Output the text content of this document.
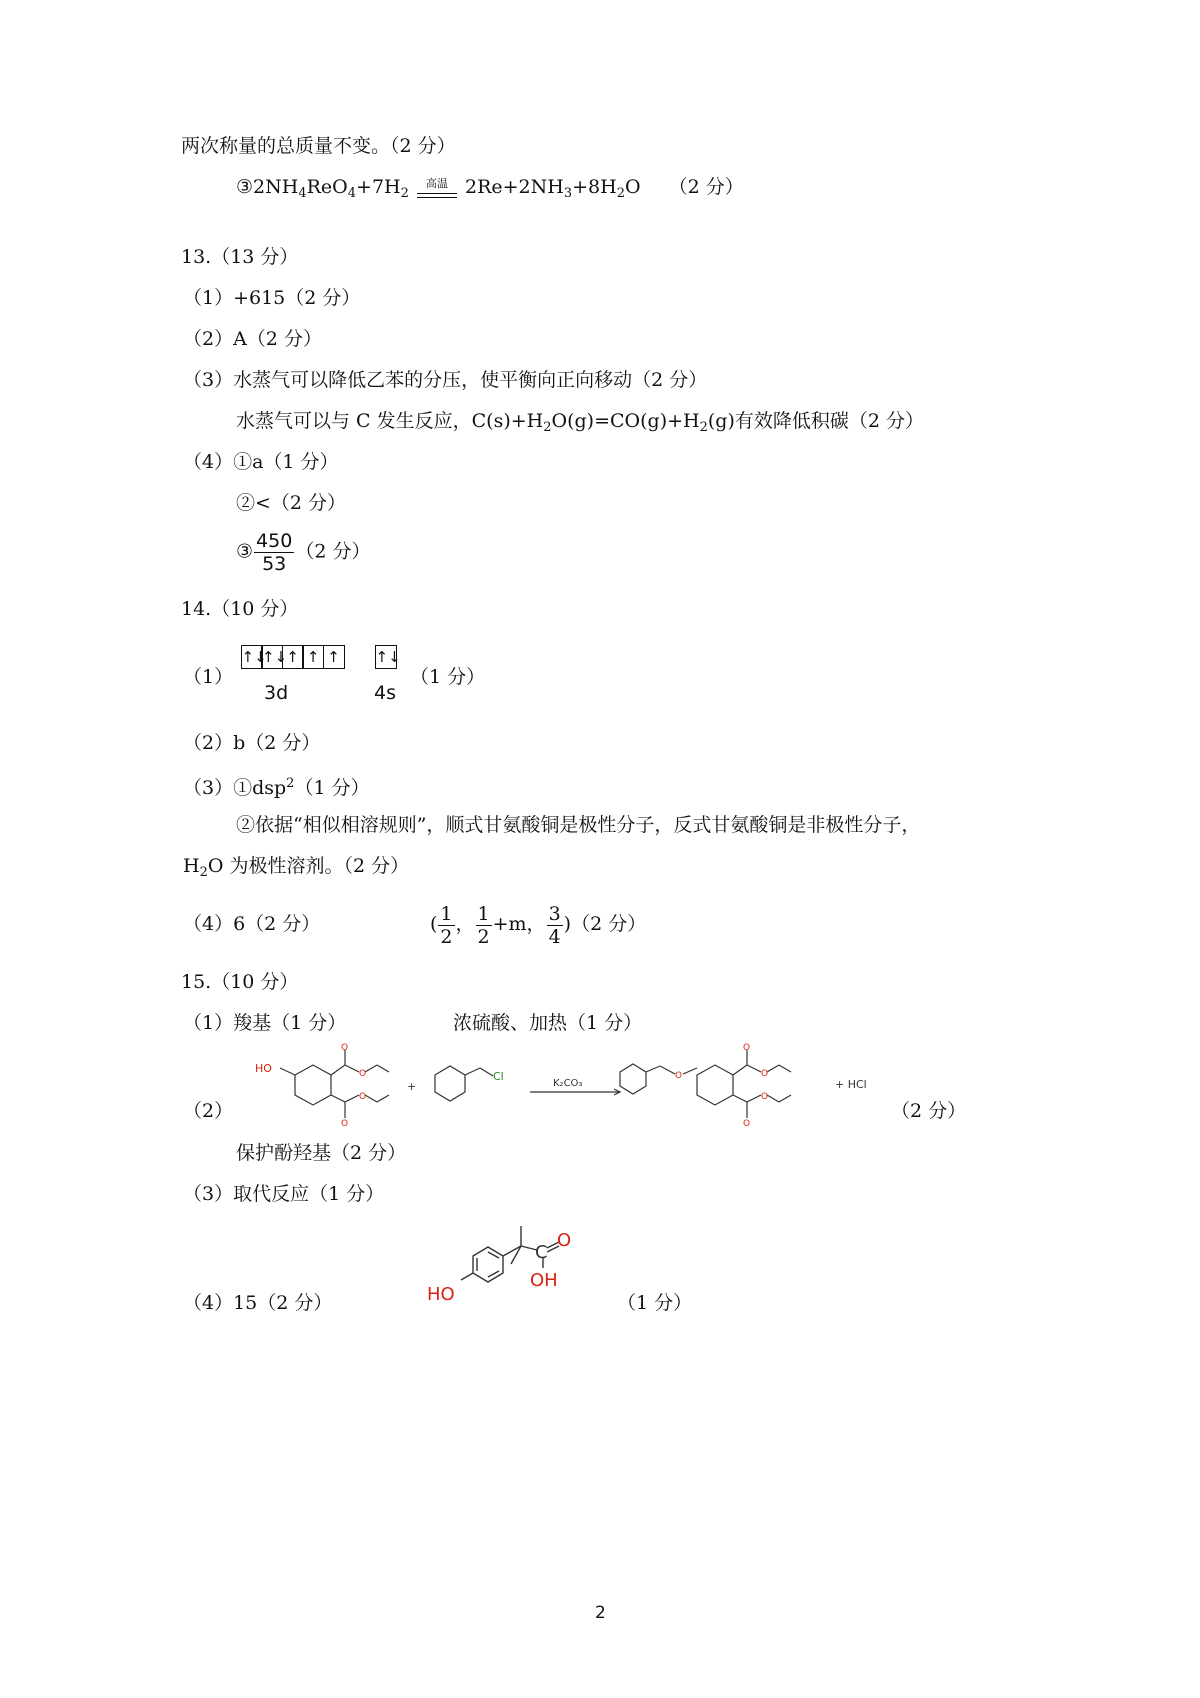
两次称量的总质量不变。（2 分）
$③2NH_4ReO_4+7H_2$ 高温 $2Re+2NH_3+8H_2O$ （2 分）
13.（13 分）
（1）+615（2 分）
（2）A（2 分）
（3）水蒸气可以降低乙苯的分压，使平衡向正向移动（2 分）
水蒸气可以与 C 发生反应，$C(s)+H_2O(g)=CO(g)+H_2(g)$有效降低积碳（2 分）
（4）①a（1 分）
②<（2 分）
③ $\frac{450}{53} (2$ 分）
14.（10 分）
（1）
↑↓↑↓↑ ↑ ↑	↑↓
3d	4s
（1 分）
（2）b（2 分）
（3）①dsp$^2$（1 分）
②依据“相似相溶规则”，顺式甘氨酸铜是极性分子，反式甘氨酸铜是非极性分子，
$H_2O$ 为极性溶剂。（2 分）
（4）6（2 分）	( $\frac{1}{2}$ ， $\frac{1}{2} +m$， $\frac{3}{4} )(2$ 分）
15.（10 分）
（1）羧基（1 分）	浓硫酸、加热（1 分）
（2）
HO
+
Cl
K₂CO₃	+ HCl
O
O
O
O
O
O
O
O
O
（2 分）
保护酚羟基（2 分）
（3）取代反应（1 分）
（4）15（2 分）	HO
C
O
OH
（1 分）
2
